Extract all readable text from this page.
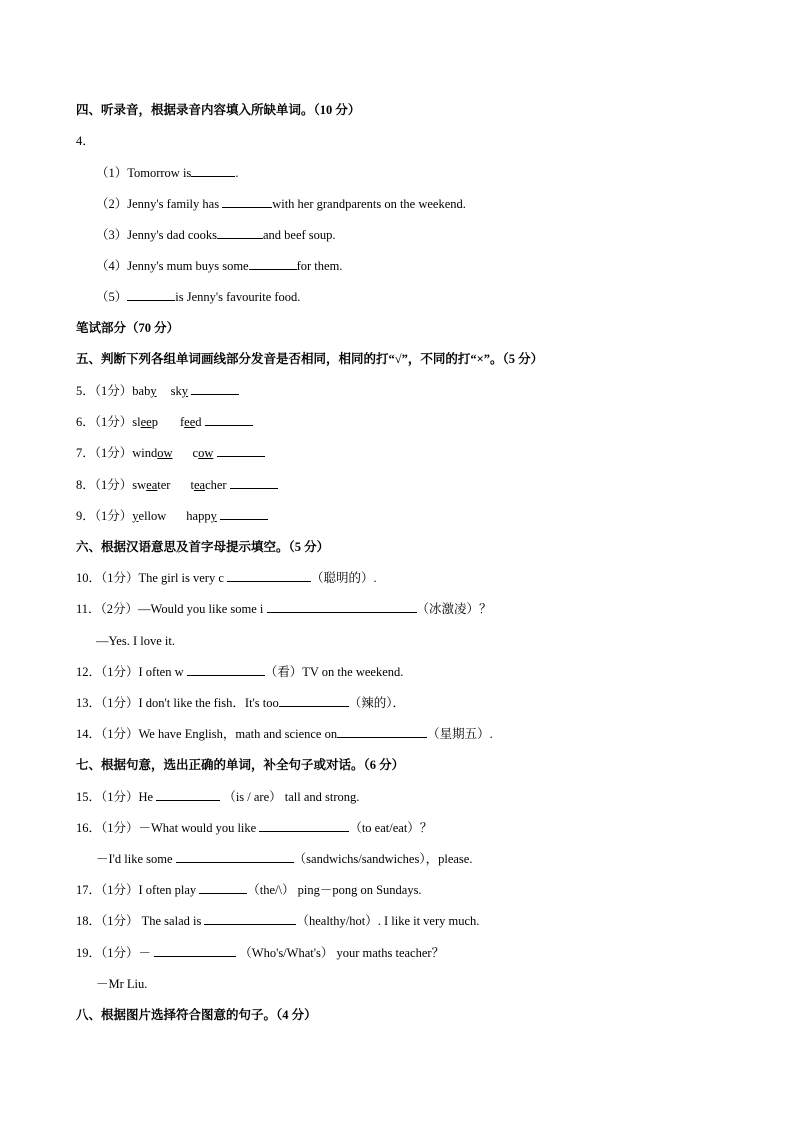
四、听录音，根据录音内容填入所缺单词。（10 分）
4．
（1）Tomorrow is	.
（2）Jenny's family has	with her grandparents on the weekend.
（3）Jenny's dad cooks	and beef soup.
（4）Jenny's mum buys some	for them.
（5）	is Jenny's favourite food.
笔试部分（70 分）
五、判断下列各组单词画线部分发音是否相同，相同的打“√”，不同的打“×”。（5 分）
5．（1分）baby sky
6．（1分）sleep feed
7．（1分）window cow
8．（1分）sweater teacher
9．（1分）yellow happy
六、根据汉语意思及首字母提示填空。（5 分）
10．（1分）The girl is very c	（聪明的）.
11．（2分）—Would you like some i	（冰激凌）？
—Yes. I love it.
12．（1分）I often w	（看）TV on the weekend.
13．（1分）I don't like the fish．It's too	（辣的）．
14．（1分）We have English，math and science on	（星期五）.
七、根据句意，选出正确的单词，补全句子或对话。（6 分）
15．（1分）He	（is / are） tall and strong.
16．（1分）－What would you like	（to eat/eat）？
－I'd like some	（sandwichs/sandwiches），please.
17．（1分）I often play	（the/\） ping－pong on Sundays.
18．（1分） The salad is	（healthy/hot）. I like it very much.
19．（1分）－	（Who's/What's） your maths teacher？
－Mr Liu.
八、根据图片选择符合图意的句子。（4 分）
